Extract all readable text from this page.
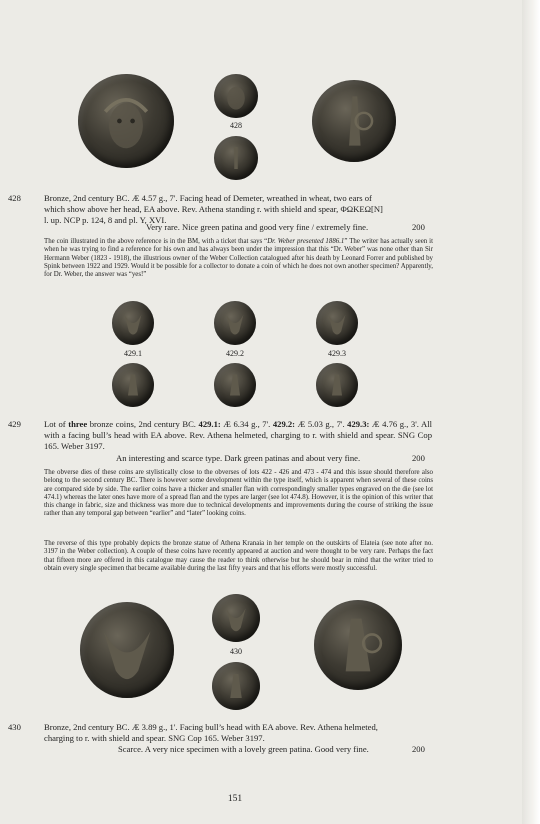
428
428	Bronze, 2nd century BC. Æ 4.57 g., 7'. Facing head of Demeter, wreathed in wheat, two ears of
which show above her head, EA above. Rev. Athena standing r. with shield and spear, ΦΩΚΕΩ[N]
l. up. NCP p. 124, 8 and pl. Y, XVI.
Very rare. Nice green patina and good very fine / extremely fine.	200

The coin illustrated in the above reference is in the BM, with a ticket that says “Dr. Weber presented 1886.1” The writer has actually seen it when he was trying to find a reference for his own and has always been under the impression that this “Dr. Weber” was none other than Sir Hermann Weber (1823 - 1918), the illustrious owner of the Weber Collection catalogued after his death by Leonard Forrer and published by Spink between 1922 and 1929. Would it be possible for a collector to donate a coin of which he does not own another specimen? Apparently, for Dr. Weber, the answer was “yes!”

429.1	429.2	429.3
429	Lot of three bronze coins, 2nd century BC. 429.1: Æ 6.34 g., 7'. 429.2: Æ 5.03 g., 7'. 429.3: Æ 4.76 g., 3'. All with a facing bull’s head with EA above. Rev. Athena helmeted, charging to r. with shield and spear. SNG Cop 165. Weber 3197.
An interesting and scarce type. Dark green patinas and about very fine.	200

The obverse dies of these coins are stylistically close to the obverses of lots 422 - 426 and 473 - 474 and this issue should therefore also belong to the second century BC. There is however some development within the type itself, which is apparent when several of these coins are compared side by side. The earlier coins have a thicker and smaller flan with correspondingly smaller types engraved on the die (see lot 474.1) whereas the later ones have more of a spread flan and the types are larger (see lot 474.8). However, it is the opinion of this writer that this change in fabric, size and thickness was more due to technical developments and improvements during the course of striking the issue rather than any temporal gap between “earlier” and “later” looking coins.

The reverse of this type probably depicts the bronze statue of Athena Kranaia in her temple on the outskirts of Elateia (see note after no. 3197 in the Weber collection). A couple of these coins have recently appeared at auction and were thought to be very rare. Perhaps the fact that fifteen more are offered in this catalogue may cause the reader to think otherwise but he should bear in mind that the writer tried to obtain every single specimen that became available during the last fifty years and that his efforts were mostly successful.

430
430	Bronze, 2nd century BC. Æ 3.89 g., 1'. Facing bull’s head with EA above. Rev. Athena helmeted,
charging to r. with shield and spear. SNG Cop 165. Weber 3197.
Scarce. A very nice specimen with a lovely green patina. Good very fine.	200
151
